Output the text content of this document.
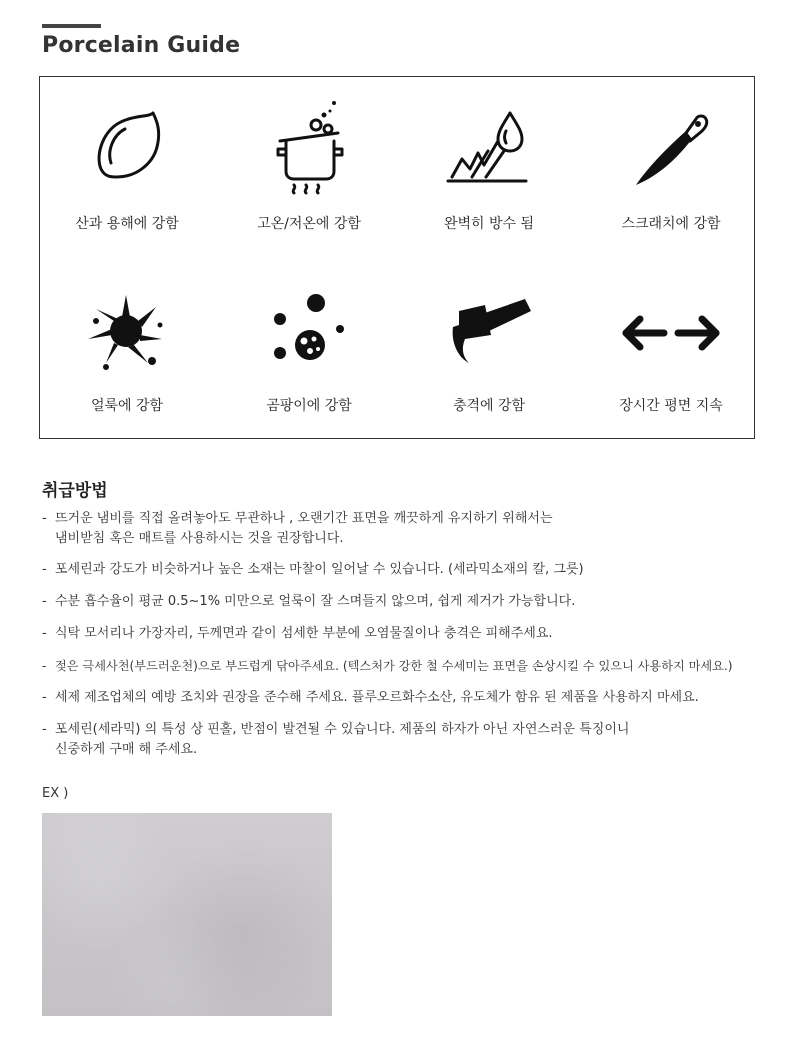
Porcelain Guide
산과 용해에 강함	고온/저온에 강함	완벽히 방수 됨	스크래치에 강함
얼룩에 강함	곰팡이에 강함	충격에 강함	장시간 평면 지속
취급방법
- 뜨거운 냄비를 직접 올려놓아도 무관하나 , 오랜기간 표면을 깨끗하게 유지하기 위해서는
냄비받침 혹은 매트를 사용하시는 것을 권장합니다.
- 포세린과 강도가 비슷하거나 높은 소재는 마찰이 일어날 수 있습니다. (세라믹소재의 칼, 그릇)
- 수분 흡수율이 평균 0.5~1% 미만으로 얼룩이 잘 스며들지 않으며, 쉽게 제거가 가능합니다.
- 식탁 모서리나 가장자리, 두께면과 같이 섬세한 부분에 오염물질이나 충격은 피해주세요.
- 젖은 극세사천(부드러운천)으로 부드럽게 닦아주세요. (텍스처가 강한 철 수세미는 표면을 손상시킬 수 있으니 사용하지 마세요.)
- 세제 제조업체의 예방 조치와 권장을 준수해 주세요. 플루오르화수소산, 유도체가 함유 된 제품을 사용하지 마세요.
- 포세린(세라믹) 의 특성 상 핀홀, 반점이 발견될 수 있습니다. 제품의 하자가 아닌 자연스러운 특징이니
신중하게 구매 해 주세요.
EX )
